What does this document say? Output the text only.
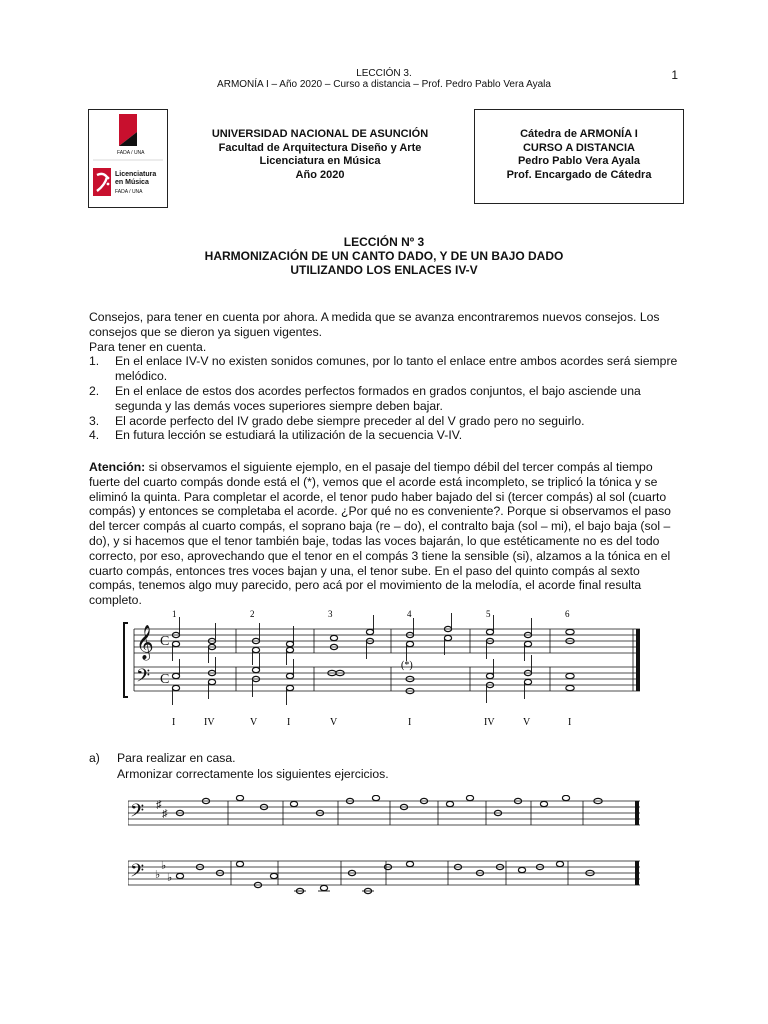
LECCIÓN 3.
ARMONÍA I – Año 2020 – Curso a distancia – Prof. Pedro Pablo Vera Ayala
1
FADA / UNA
Licenciatura
en Música
FADA / UNA
UNIVERSIDAD NACIONAL DE ASUNCIÓN
Facultad de Arquitectura Diseño y Arte
Licenciatura en Música
Año 2020
Cátedra de ARMONÍA I
CURSO A DISTANCIA
Pedro Pablo Vera Ayala
Prof. Encargado de Cátedra
LECCIÓN Nº 3
HARMONIZACIÓN DE UN CANTO DADO, Y DE UN BAJO DADO
UTILIZANDO LOS ENLACES IV-V

Consejos, para tener en cuenta por ahora. A medida que se avanza encontraremos nuevos consejos. Los consejos que se dieron ya siguen vigentes.

Para tener en cuenta.

1. En el enlace IV-V no existen sonidos comunes, por lo tanto el enlace entre ambos acordes será siempre melódico.
2. En el enlace de estos dos acordes perfectos formados en grados conjuntos, el bajo asciende una segunda y las demás voces superiores siempre deben bajar.
3. El acorde perfecto del IV grado debe siempre preceder al del V grado pero no seguirlo.
4. En futura lección se estudiará la utilización de la secuencia V-IV.
Atención: si observamos el siguiente ejemplo, en el pasaje del tiempo débil del tercer compás al tiempo fuerte del cuarto compás donde está el (*), vemos que el acorde está incompleto, se triplicó la tónica y se eliminó la quinta. Para completar el acorde, el tenor pudo haber bajado del si (tercer compás) al sol (cuarto compás) y entonces se completaba el acorde. ¿Por qué no es conveniente?. Porque si observamos el paso del tercer compás al cuarto compás, el soprano baja (re – do), el contralto baja (sol – mi), el bajo baja (sol – do), y si hacemos que el tenor también baje, todas las voces bajarán, lo que estéticamente no es del todo correcto, por eso, aprovechando que el tenor en el compás 3 tiene la sensible (si), alzamos a la tónica en el cuarto compás, entonces tres voces bajan y una, el tenor sube. En el paso del quinto compás al sexto compás, tenemos algo muy parecido, pero acá por el movimiento de la melodía, el acorde final resulta completo.
𝄞
𝄢
C
C
1	2	3	4	5	6
(*)
I	IV	V	I	V	I	IV	V	I
a) Para realizar en casa.
Armonizar correctamente los siguientes ejercicios.
𝄢 ♯
♯
𝄢 ♭
♭
♭
